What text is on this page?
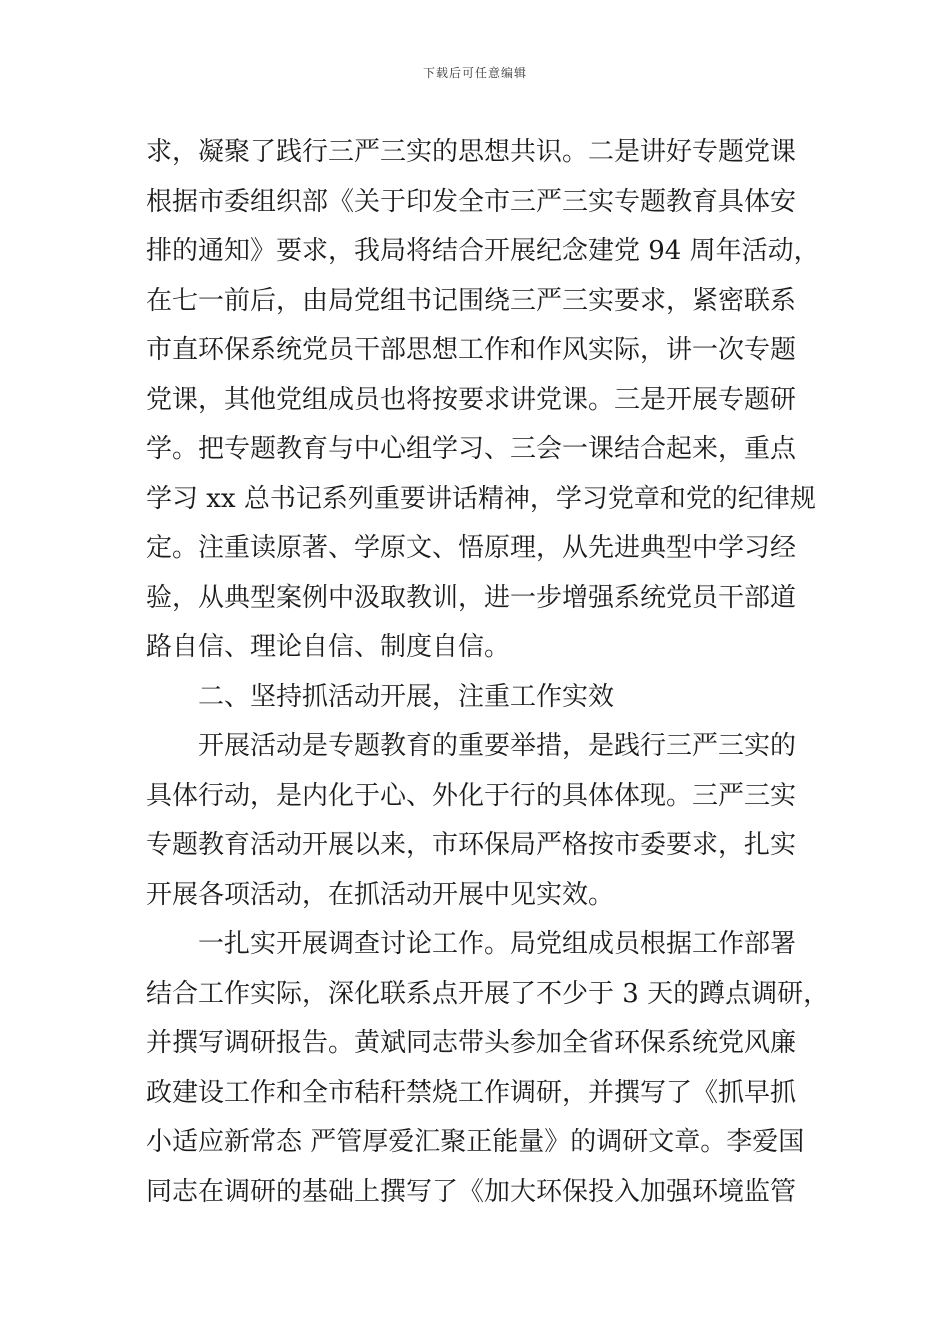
下载后可任意编辑
求，凝聚了践行三严三实的思想共识。二是讲好专题党课
根据市委组织部《关于印发全市三严三实专题教育具体安
排的通知》要求，我局将结合开展纪念建党 94 周年活动，
在七一前后，由局党组书记围绕三严三实要求，紧密联系
市直环保系统党员干部思想工作和作风实际，讲一次专题
党课，其他党组成员也将按要求讲党课。三是开展专题研
学。把专题教育与中心组学习、三会一课结合起来，重点
学习 xx 总书记系列重要讲话精神，学习党章和党的纪律规
定。注重读原著、学原文、悟原理，从先进典型中学习经
验，从典型案例中汲取教训，进一步增强系统党员干部道
路自信、理论自信、制度自信。
二、坚持抓活动开展，注重工作实效
开展活动是专题教育的重要举措，是践行三严三实的
具体行动，是内化于心、外化于行的具体体现。三严三实
专题教育活动开展以来，市环保局严格按市委要求，扎实
开展各项活动，在抓活动开展中见实效。
一扎实开展调查讨论工作。局党组成员根据工作部署
结合工作实际，深化联系点开展了不少于 3 天的蹲点调研，
并撰写调研报告。黄斌同志带头参加全省环保系统党风廉
政建设工作和全市秸秆禁烧工作调研，并撰写了《抓早抓
小适应新常态 严管厚爱汇聚正能量》的调研文章。李爱国
同志在调研的基础上撰写了《加大环保投入加强环境监管
